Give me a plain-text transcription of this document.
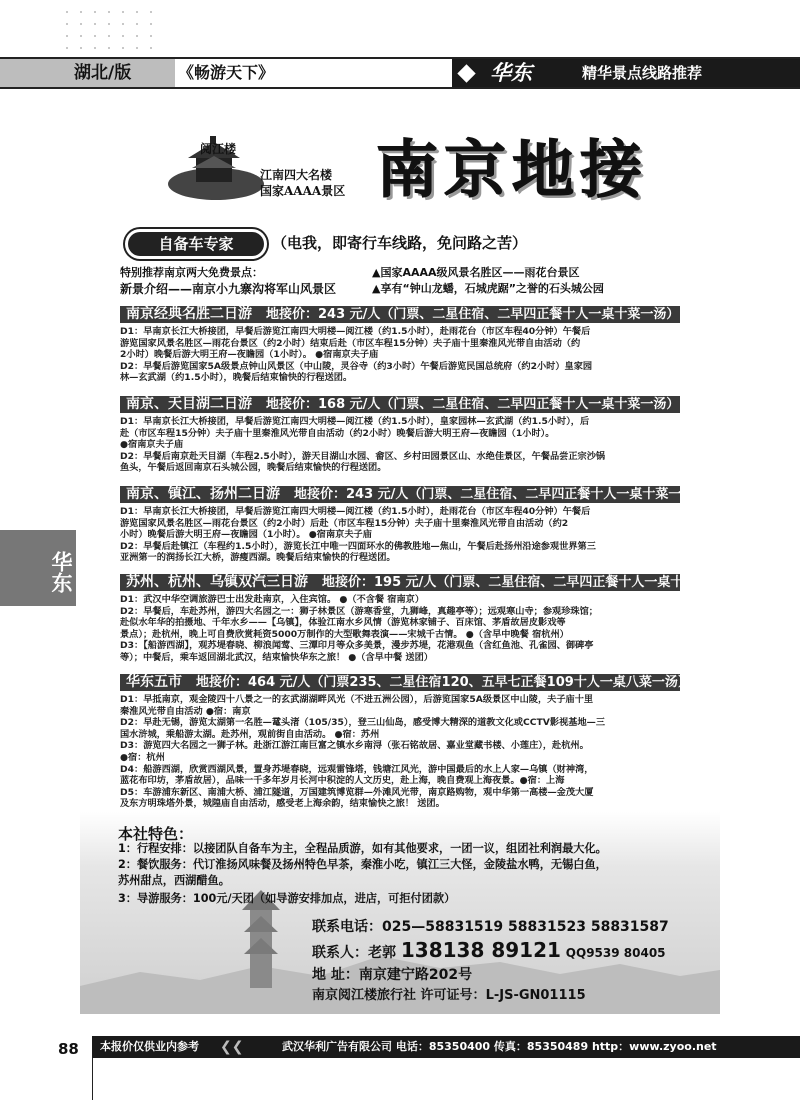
湖北/版	《畅游天下》	华东	精华景点线路推荐
阅江楼
江南四大名楼
国家AAAA景区 南京地接
自备车专家	（电我，即寄行车线路，免问路之苦）
特别推荐南京两大免费景点：
新景介绍——南京小九寨沟将军山风景区
▲国家AAAA级风景名胜区——雨花台景区
▲享有“钟山龙蟠，石城虎踞”之誉的石头城公园
南京经典名胜二日游 地接价：243 元/人（门票、二星住宿、二早四正餐十人一桌十菜一汤）

D1：早南京长江大桥接团，早餐后游览江南四大明楼—阅江楼（约1.5小时），赴雨花台（市区车程40分钟）午餐后

游览国家风景名胜区—雨花台景区（约2小时）结束后赴（市区车程15分钟）夫子庙十里秦淮风光带自由活动（约

2小时）晚餐后游大明王府—夜瞻园（1小时）。 ●宿南京夫子庙

D2：早餐后游览国家5A级景点钟山风景区（中山陵，灵谷寺（约3小时）午餐后游览民国总统府（约2小时）皇家园

林—玄武湖（约1.5小时），晚餐后结束愉快的行程送团。

南京、天目湖二日游 地接价：168 元/人（门票、二星住宿、二早四正餐十人一桌十菜一汤）

D1：早南京长江大桥接团，早餐后游览江南四大明楼—阅江楼（约1.5小时），皇家园林—玄武湖（约1.5小时），后

赴（市区车程15分钟）夫子庙十里秦淮风光带自由活动（约2小时）晚餐后游大明王府—夜瞻园（1小时）。

●宿南京夫子庙

D2：早餐后南京赴天目湖（车程2.5小时），游天目湖山水园、畲区、乡村田园景区山、水绝佳景区，午餐品尝正宗沙锅

鱼头，午餐后返回南京石头城公园，晚餐后结束愉快的行程送团。

南京、镇江、扬州二日游 地接价：243 元/人（门票、二星住宿、二早四正餐十人一桌十菜一汤）

D1：早南京长江大桥接团，早餐后游览江南四大明楼—阅江楼（约1.5小时），赴雨花台（市区车程40分钟）午餐后

游览国家风景名胜区—雨花台景区（约2小时）后赴（市区车程15分钟）夫子庙十里秦淮风光带自由活动（约2

小时）晚餐后游大明王府—夜瞻园（1小时）。 ●宿南京夫子庙

D2：早餐后赴镇江（车程约1.5小时），游览长江中唯一四面环水的佛教胜地—焦山，午餐后赴扬州沿途参观世界第三

亚洲第一的润扬长江大桥，游瘦西湖。晚餐后结束愉快的行程送团。

苏州、杭州、乌镇双汽三日游 地接价：195 元/人（门票、二星住宿、二早四正餐十人一桌十菜一汤）

D1：武汉中华空调旅游巴士出发赴南京，入住宾馆。 ●（不含餐 宿南京）

D2：早餐后，车赴苏州，游四大名园之一：狮子林景区（游寒香堂，九狮峰，真趣亭等）；远观寒山寺；参观珍珠馆；

赴似水年华的拍摄地、千年水乡——【乌镇】，体验江南水乡风情（游览林家铺子、百床馆、茅盾故居皮影戏等

景点）；赴杭州，晚上可自费欣赏耗资5000万制作的大型歌舞表演——宋城千古情。 ●（含早中晚餐 宿杭州）

D3：【船游西湖】，观苏堤春晓、柳浪闻莺、三潭印月等众多美景，漫步苏堤，花港观鱼（含红鱼池、孔雀园、御碑亭

等）；中餐后，乘车返回湖北武汉，结束愉快华东之旅！ ●（含早中餐 送团）

华东五市 地接价：464 元/人（门票235、二星住宿120、五早七正餐109十人一桌八菜一汤）

D1：早抵南京，观金陵四十八景之一的玄武湖湖畔风光（不进五洲公园），后游览国家5A级景区中山陵，夫子庙十里

秦淮风光带自由活动 ●宿：南京

D2：早赴无锡，游览太湖第一名胜—鼋头渚（105/35），登三山仙岛，感受博大精深的道教文化或CCTV影视基地—三

国水浒城，乘船游太湖。赴苏州，观前街自由活动。 ●宿：苏州

D3：游览四大名园之一狮子林。赴浙江游江南巨富之镇水乡南浔（张石铭故居、嘉业堂藏书楼、小莲庄），赴杭州。

●宿：杭州

D4：船游西湖，欣赏西湖风景，置身苏堤春晓，远观雷锋塔，钱塘江风光，游中国最后的水上人家—乌镇（财神湾，

蓝花布印坊，茅盾故居），品味一千多年岁月长河中积淀的人文历史，赴上海，晚自费观上海夜景。●宿：上海

D5：车游浦东新区、南浦大桥、浦江隧道，万国建筑博览群—外滩风光带，南京路购物，观中华第一高楼—金茂大厦

及东方明珠塔外景，城隍庙自由活动，感受老上海余韵，结束愉快之旅！ 送团。

本社特色：
1：行程安排：以接团队自备车为主，全程品质游，如有其他要求，一团一议，组团社利润最大化。
2：餐饮服务：代订淮扬风味餐及扬州特色早茶，秦淮小吃，镇江三大怪，金陵盐水鸭，无锡白鱼，
苏州甜点，西湖醋鱼。
3：导游服务：100元/天团（如导游安排加点，进店，可拒付团款）
联系电话：025—58831519 58831523 58831587
联系人：老郭 138138 89121 QQ9539 80405
地 址：南京建宁路202号
南京阅江楼旅行社 许可证号：L-JS-GN01115
华东
88 本报价仅供业内参考 ❮❮	武汉华利广告有限公司 电话：85350400 传真：85350489 http：www.zyoo.net
